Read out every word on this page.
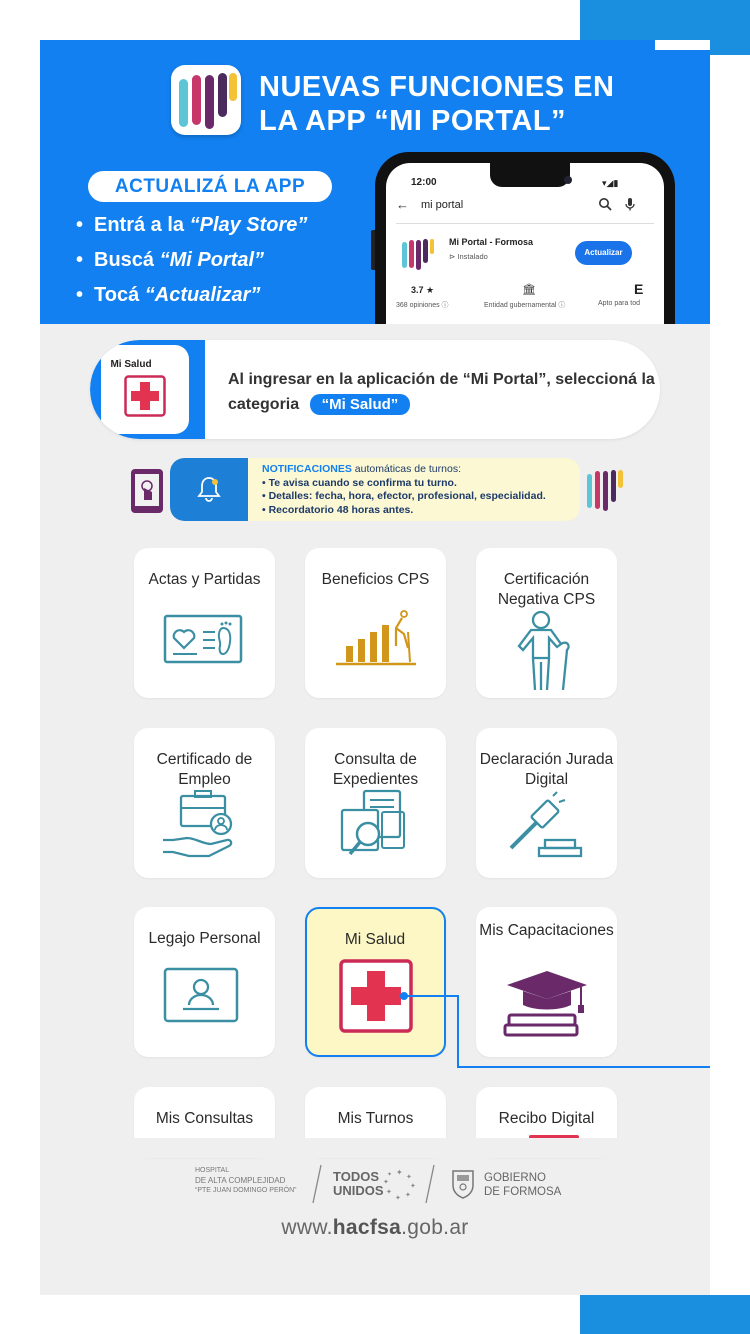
NUEVAS FUNCIONES EN
LA APP “MI PORTAL”
ACTUALIZÁ LA APP
• Entrá a la “Play Store”
• Buscá “Mi Portal”
• Tocá “Actualizar”
12:00	▾◢▮
← mi portal
Mi Portal - Formosa
⊳ Instalado	Actualizar
3.7 ★
368 opiniones ⓘ
🏛
Entidad gubernamental ⓘ
E
Apto para tod
Mi Salud
Al ingresar en la aplicación de “Mi Portal”, seleccioná la categoria “Mi Salud”
NOTIFICACIONES automáticas de turnos:
• Te avisa cuando se confirma tu turno.
• Detalles: fecha, hora, efector, profesional, especialidad.
• Recordatorio 48 horas antes.
Actas y Partidas	Beneficios CPS	Certificación Negativa CPS
Certificado de Empleo
Consulta de Expedientes
Declaración Jurada Digital
Legajo Personal	Mi Salud
Mis Capacitaciones
Mis Consultas	Mis Turnos	Recibo Digital
HOSPITAL
DE ALTA COMPLEJIDAD
“PTE JUAN DOMINGO PERÓN”
TODOS
UNIDOS
✦
✦
✦
✦
✦
✦
✦
✦	GOBIERNO
DE FORMOSA
www.hacfsa.gob.ar
